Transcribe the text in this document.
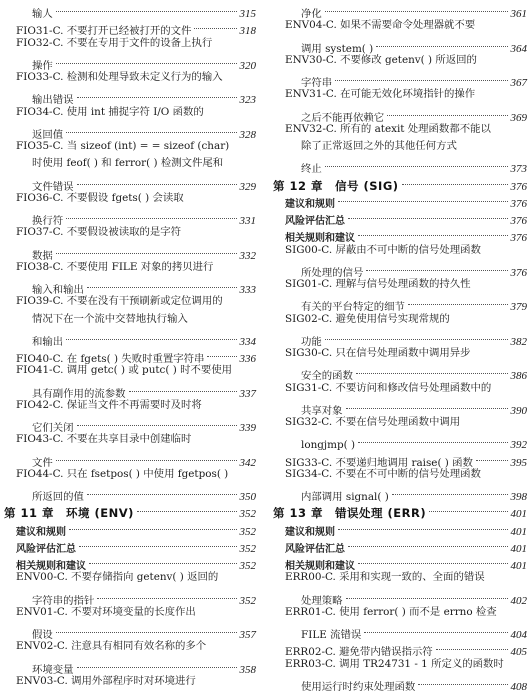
输人	315
FIO31-C. 不要打开已经被打开的文件	318
FIO32-C. 不要在专用于文件的设备上执行
操作	320
FIO33-C. 检测和处理导致未定义行为的输入
输出错误	323
FIO34-C. 使用 int 捕捉字符 I/O 函数的
返回值	328
FIO35-C. 当 sizeof (int) = = sizeof (char)
时使用 feof( ) 和 ferror( ) 检测文件尾和
文件错误	329
FIO36-C. 不要假设 fgets( ) 会读取
换行符	331
FIO37-C. 不要假设被读取的是字符
数据	332
FIO38-C. 不要使用 FILE 对象的拷贝进行
输入和输出	333
FIO39-C. 不要在没有干预刷新或定位调用的
情况下在一个流中交替地执行输入
和输出	334
FIO40-C. 在 fgets( ) 失败时重置字符串	336
FIO41-C. 调用 getc( ) 或 putc( ) 时不要使用
具有副作用的流参数	337
FIO42-C. 保证当文件不再需要时及时将
它们关闭	339
FIO43-C. 不要在共享目录中创建临时
文件	342
FIO44-C. 只在 fsetpos( ) 中使用 fgetpos( )
所返回的值	350
第 11 章　环境 (ENV)	352
建议和规则	352
风险评估汇总	352
相关规则和建议	352
ENV00-C. 不要存储指向 getenv( ) 返回的
字符串的指针	352
ENV01-C. 不要对环境变量的长度作出
假设	357
ENV02-C. 注意具有相同有效名称的多个
环境变量	358
ENV03-C. 调用外部程序时对环境进行
净化	361
ENV04-C. 如果不需要命令处理器就不要
调用 system( )	364
ENV30-C. 不要修改 getenv( ) 所返回的
字符串	367
ENV31-C. 在可能无效化环境指针的操作
之后不能再依赖它	369
ENV32-C. 所有的 atexit 处理函数都不能以
除了正常返回之外的其他任何方式
终止	373
第 12 章　信号 (SIG)	376
建议和规则	376
风险评估汇总	376
相关规则和建议	376
SIG00-C. 屏蔽由不可中断的信号处理函数
所处理的信号	376
SIG01-C. 理解与信号处理函数的持久性
有关的平台特定的细节	379
SIG02-C. 避免使用信号实现常规的
功能	382
SIG30-C. 只在信号处理函数中调用异步
安全的函数	386
SIG31-C. 不要访问和修改信号处理函数中的
共享对象	390
SIG32-C. 不要在信号处理函数中调用
longjmp( )	392
SIG33-C. 不要递归地调用 raise( ) 函数	395
SIG34-C. 不要在不可中断的信号处理函数
内部调用 signal( )	398
第 13 章　错误处理 (ERR)	401
建议和规则	401
风险评估汇总	401
相关规则和建议	401
ERR00-C. 采用和实现一致的、全面的错误
处理策略	402
ERR01-C. 使用 ferror( ) 而不是 errno 检查
FILE 流错误	404
ERR02-C. 避免带内错误指示符	405
ERR03-C. 调用 TR24731 - 1 所定义的函数时
使用运行时约束处理函数	408
